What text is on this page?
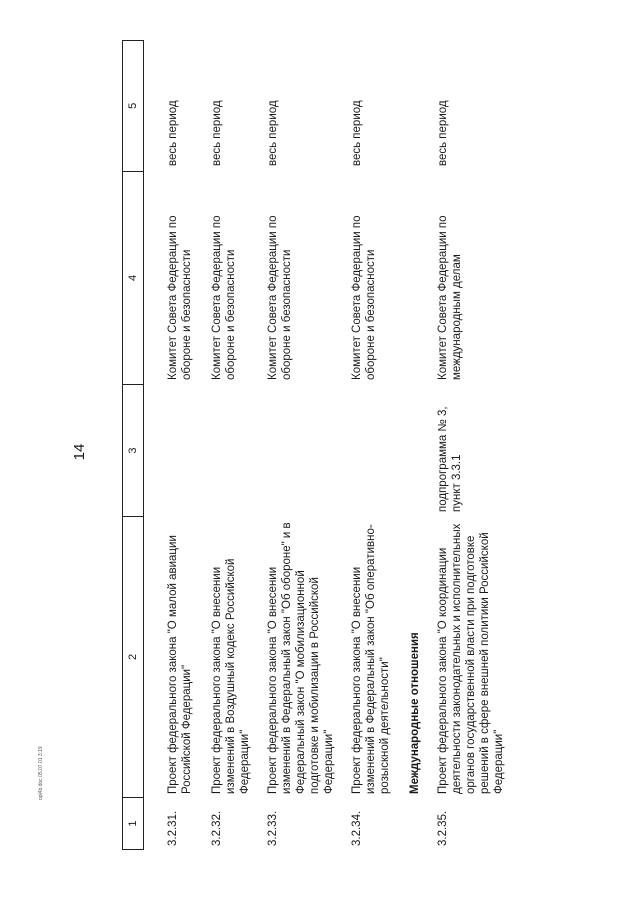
14
1
2
3
4
5
3.2.31.
Проект федерального закона "О малой авиации Российской Федерации"
Комитет Совета Федерации по обороне и безопасности
весь период
3.2.32.
Проект федерального закона "О внесении изменений в Воздушный кодекс Российской Федерации"
Комитет Совета Федерации по обороне и безопасности
весь период
3.2.33.
Проект федерального закона "О внесении изменений в Федеральный закон "Об обороне" и в Федеральный закон "О мобилизационной подготовке и мобилизации в Российской Федерации"
Комитет Совета Федерации по обороне и безопасности
весь период
3.2.34.
Проект федерального закона "О внесении изменений в Федеральный закон "Об оперативно-розыскной деятельности"
Комитет Совета Федерации по обороне и безопасности
весь период
Международные отношения
3.2.35.
Проект федерального закона "О координации деятельности законодательных и исполнительных органов государственной власти при подготовке решений в сфере внешней политики Российской Федерации"
подпрограмма № 3, пункт 3.3.1
Комитет Совета Федерации по международным делам
весь период
opl4b.doc 05.07.01 3:19
